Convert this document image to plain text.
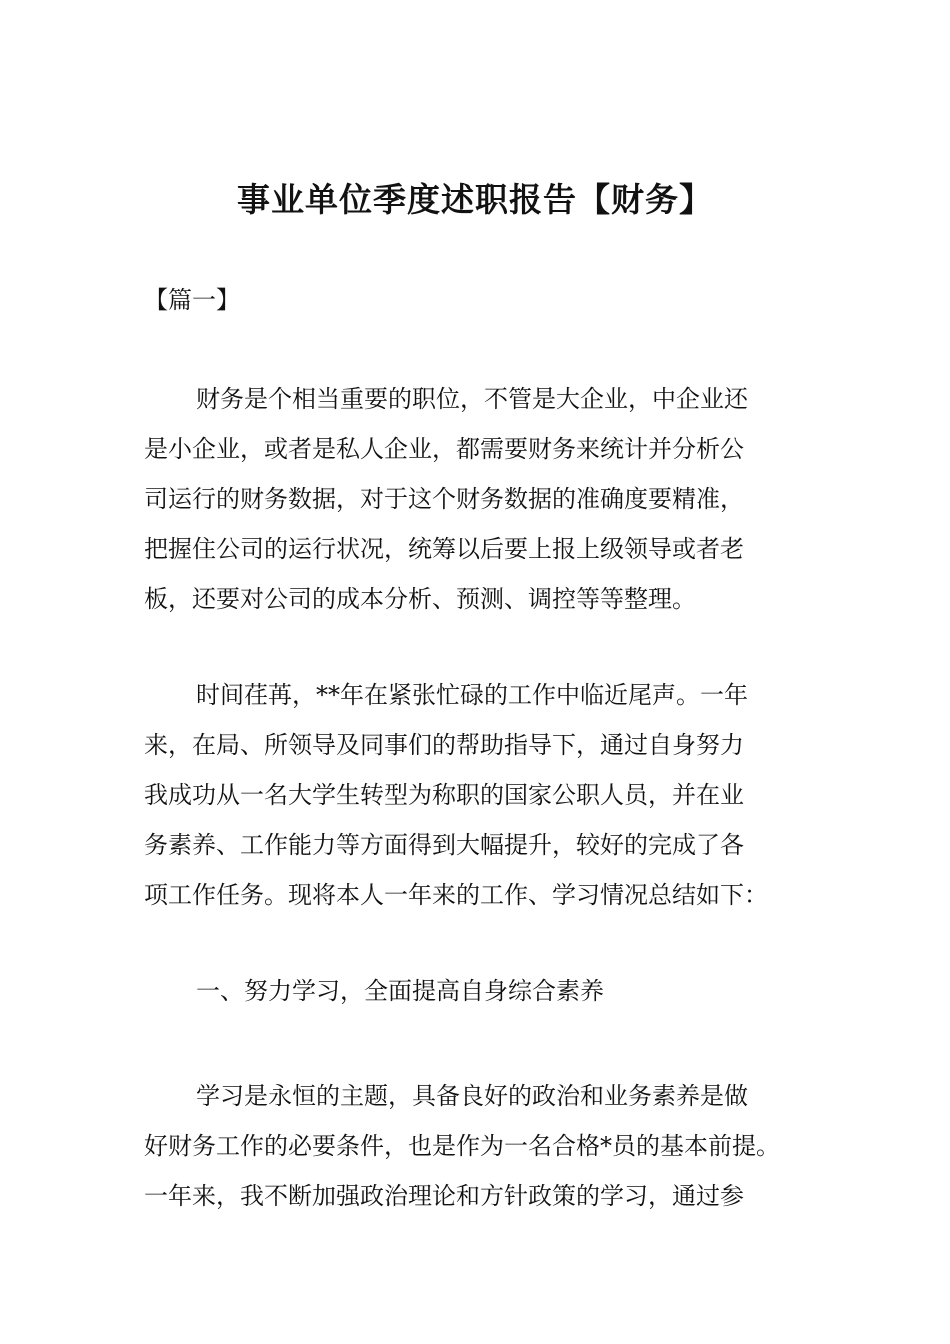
事业单位季度述职报告【财务】
【篇一】
财务是个相当重要的职位，不管是大企业，中企业还
是小企业，或者是私人企业，都需要财务来统计并分析公
司运行的财务数据，对于这个财务数据的准确度要精准，
把握住公司的运行状况，统筹以后要上报上级领导或者老
板，还要对公司的成本分析、预测、调控等等整理。
时间荏苒，**年在紧张忙碌的工作中临近尾声。一年
来，在局、所领导及同事们的帮助指导下，通过自身努力
我成功从一名大学生转型为称职的国家公职人员，并在业
务素养、工作能力等方面得到大幅提升，较好的完成了各
项工作任务。现将本人一年来的工作、学习情况总结如下：
一、努力学习，全面提高自身综合素养
学习是永恒的主题，具备良好的政治和业务素养是做
好财务工作的必要条件，也是作为一名合格*员的基本前提。
一年来，我不断加强政治理论和方针政策的学习，通过参
